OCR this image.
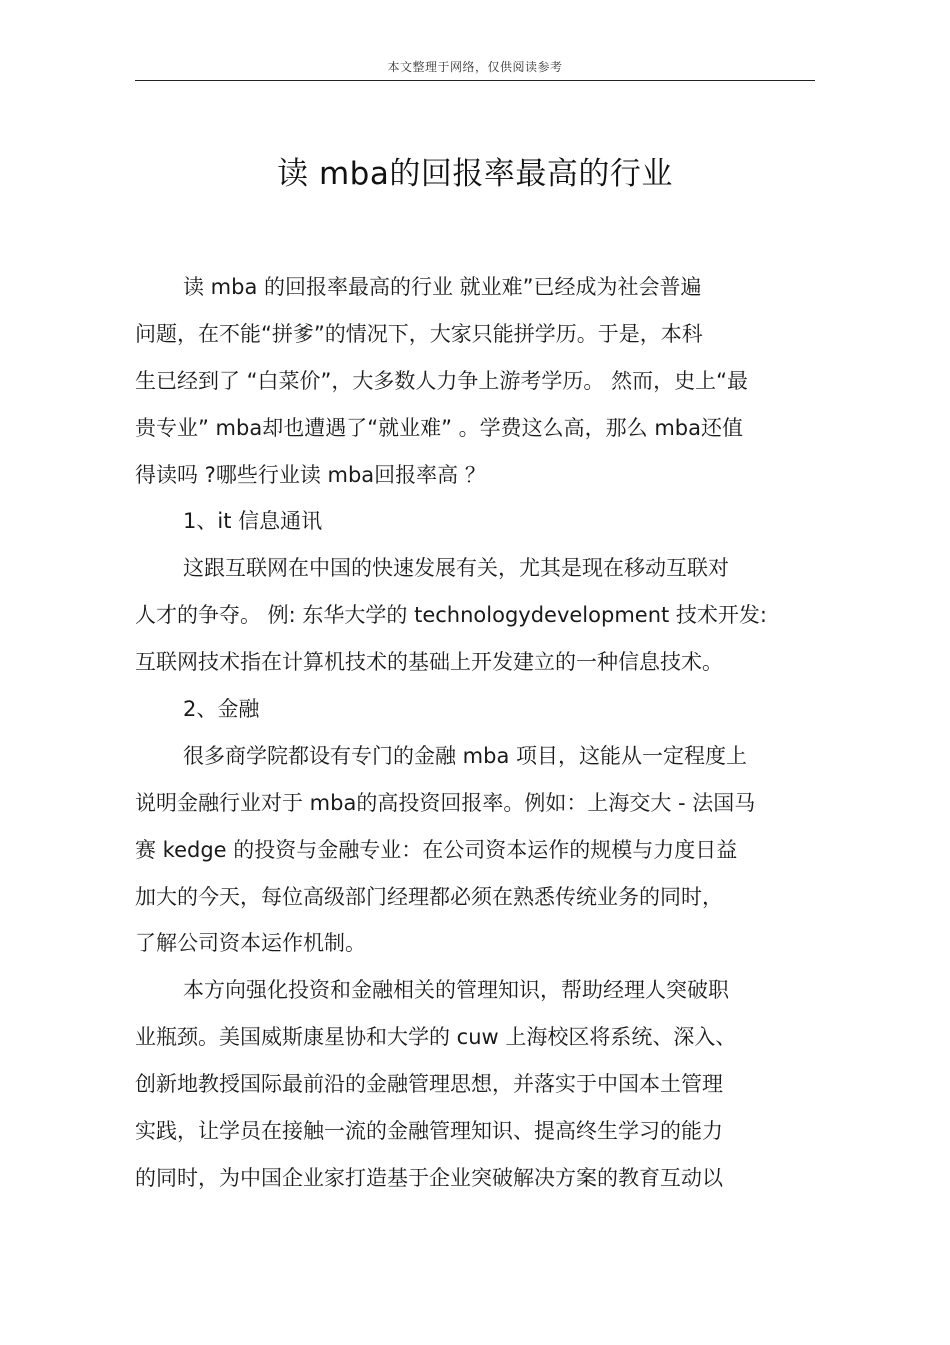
本文整理于网络，仅供阅读参考
读 mba的回报率最高的行业
读 mba 的回报率最高的行业 就业难”已经成为社会普遍
问题，在不能“拼爹”的情况下，大家只能拼学历。于是，本科
生已经到了 “白菜价”，大多数人力争上游考学历。 然而，史上“最
贵专业” mba却也遭遇了“就业难” 。学费这么高，那么 mba还值
得读吗 ?哪些行业读 mba回报率高 ？
1、it 信息通讯
这跟互联网在中国的快速发展有关，尤其是现在移动互联对
人才的争夺。 例: 东华大学的 technologydevelopment 技术开发:
互联网技术指在计算机技术的基础上开发建立的一种信息技术。
2、金融
很多商学院都设有专门的金融 mba 项目，这能从一定程度上
说明金融行业对于 mba的高投资回报率。例如：上海交大 - 法国马
赛 kedge 的投资与金融专业：在公司资本运作的规模与力度日益
加大的今天，每位高级部门经理都必须在熟悉传统业务的同时，
了解公司资本运作机制。
本方向强化投资和金融相关的管理知识，帮助经理人突破职
业瓶颈。美国威斯康星协和大学的 cuw 上海校区将系统、深入、
创新地教授国际最前沿的金融管理思想，并落实于中国本土管理
实践，让学员在接触一流的金融管理知识、提高终生学习的能力
的同时，为中国企业家打造基于企业突破解决方案的教育互动以
